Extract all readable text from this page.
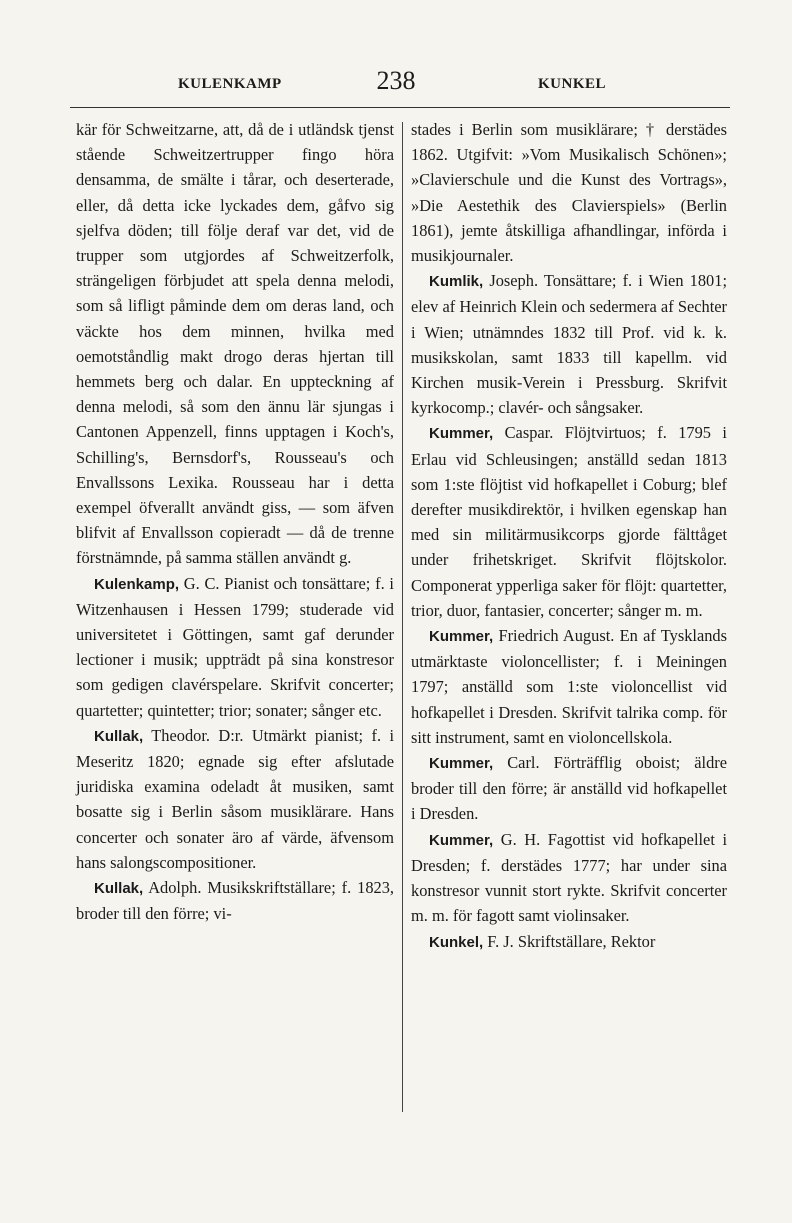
KULENKAMP	238	KUNKEL

kär för Schweitzarne, att, då de i utländsk tjenst stående Schweitzertrupper fingo höra densamma, de smälte i tårar, och deserterade, eller, då detta icke lyckades dem, gåfvo sig sjelfva döden; till följe deraf var det, vid de trupper som utgjordes af Schweitzerfolk, strängeligen förbjudet att spela denna melodi, som så lifligt påminde dem om deras land, och väckte hos dem minnen, hvilka med oemotståndlig makt drogo deras hjertan till hemmets berg och dalar. En uppteckning af denna melodi, så som den ännu lär sjungas i Cantonen Appenzell, finns upptagen i Koch's, Schilling's, Bernsdorf's, Rousseau's och Envallssons Lexika. Rousseau har i detta exempel öfverallt användt giss, — som äfven blifvit af Envallsson copieradt — då de trenne förstnämnde, på samma ställen användt g.

Kulenkamp, G. C. Pianist och tonsättare; f. i Witzenhausen i Hessen 1799; studerade vid universitetet i Göttingen, samt gaf derunder lectioner i musik; uppträdt på sina konstresor som gedigen clavérspelare. Skrifvit concerter; quartetter; quintetter; trior; sonater; sånger etc.

Kullak, Theodor. D:r. Utmärkt pianist; f. i Meseritz 1820; egnade sig efter afslutade juridiska examina odeladt åt musiken, samt bosatte sig i Berlin såsom musiklärare. Hans concerter och sonater äro af värde, äfvensom hans salongscompositioner.

Kullak, Adolph. Musikskriftställare; f. 1823, broder till den förre; vi-

stades i Berlin som musiklärare; † derstädes 1862. Utgifvit: »Vom Musikalisch Schönen»; »Clavierschule und die Kunst des Vortrags», »Die Aestethik des Clavierspiels» (Berlin 1861), jemte åtskilliga afhandlingar, införda i musikjournaler.

Kumlik, Joseph. Tonsättare; f. i Wien 1801; elev af Heinrich Klein och sedermera af Sechter i Wien; utnämndes 1832 till Prof. vid k. k. musikskolan, samt 1833 till kapellm. vid Kirchen musik-Verein i Pressburg. Skrifvit kyrkocomp.; clavér- och sångsaker.

Kummer, Caspar. Flöjtvirtuos; f. 1795 i Erlau vid Schleusingen; anställd sedan 1813 som 1:ste flöjtist vid hofkapellet i Coburg; blef derefter musikdirektör, i hvilken egenskap han med sin militärmusikcorps gjorde fälttåget under frihetskriget. Skrifvit flöjtskolor. Componerat ypperliga saker för flöjt: quartetter, trior, duor, fantasier, concerter; sånger m. m.

Kummer, Friedrich August. En af Tysklands utmärktaste violoncellister; f. i Meiningen 1797; anställd som 1:ste violoncellist vid hofkapellet i Dresden. Skrifvit talrika comp. för sitt instrument, samt en violoncellskola.

Kummer, Carl. Förträfflig oboist; äldre broder till den förre; är anställd vid hofkapellet i Dresden.

Kummer, G. H. Fagottist vid hofkapellet i Dresden; f. derstädes 1777; har under sina konstresor vunnit stort rykte. Skrifvit concerter m. m. för fagott samt violinsaker.

Kunkel, F. J. Skriftställare, Rektor
